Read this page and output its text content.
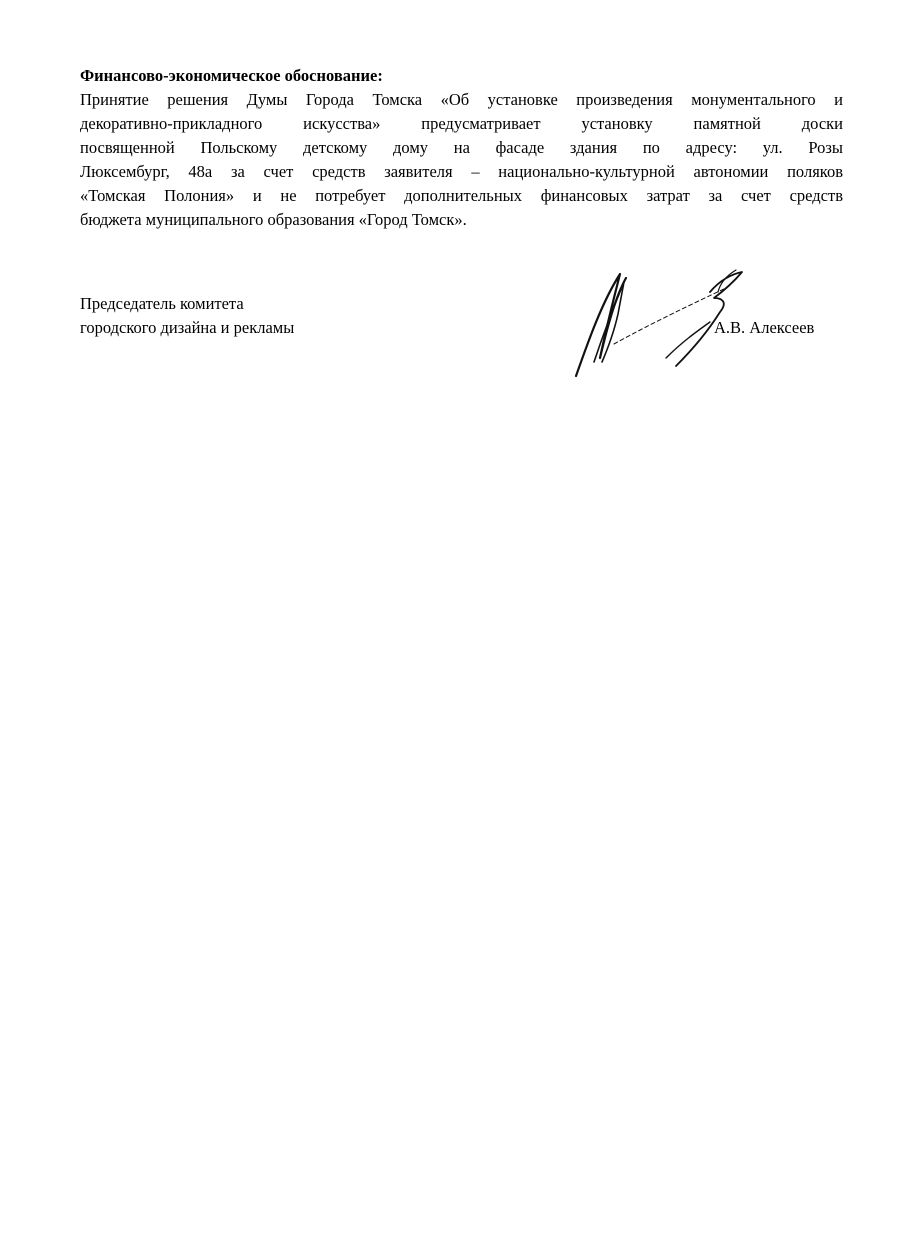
Финансово-экономическое обоснование:
Принятие решения Думы Города Томска «Об установке произведения монументального и
декоративно-прикладного искусства» предусматривает установку памятной доски
посвященной Польскому детскому дому на фасаде здания по адресу: ул. Розы
Люксембург, 48а за счет средств заявителя – национально-культурной автономии поляков
«Томская Полония» и не потребует дополнительных финансовых затрат за счет средств
бюджета муниципального образования «Город Томск».
Председатель комитета
городского дизайна и рекламы	А.В. Алексеев
